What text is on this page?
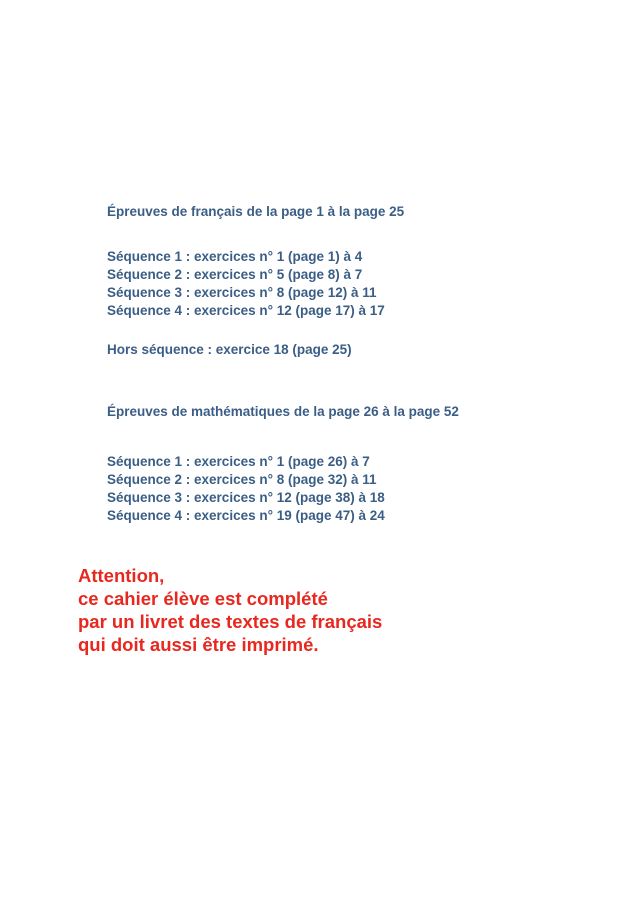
Épreuves de français de la page 1 à la page 25

Séquence 1 : exercices n° 1 (page 1) à 4

Séquence 2 : exercices n° 5 (page 8) à 7

Séquence 3 : exercices n° 8 (page 12) à 11

Séquence 4 : exercices n° 12 (page 17) à 17

Hors séquence : exercice 18 (page 25)

Épreuves de mathématiques de la page 26 à la page 52

Séquence 1 : exercices n° 1 (page 26) à 7

Séquence 2 : exercices n° 8 (page 32) à 11

Séquence 3 : exercices n° 12 (page 38) à 18

Séquence 4 : exercices n° 19 (page 47) à 24

Attention,
ce cahier élève est complété
par un livret des textes de français
qui doit aussi être imprimé.
